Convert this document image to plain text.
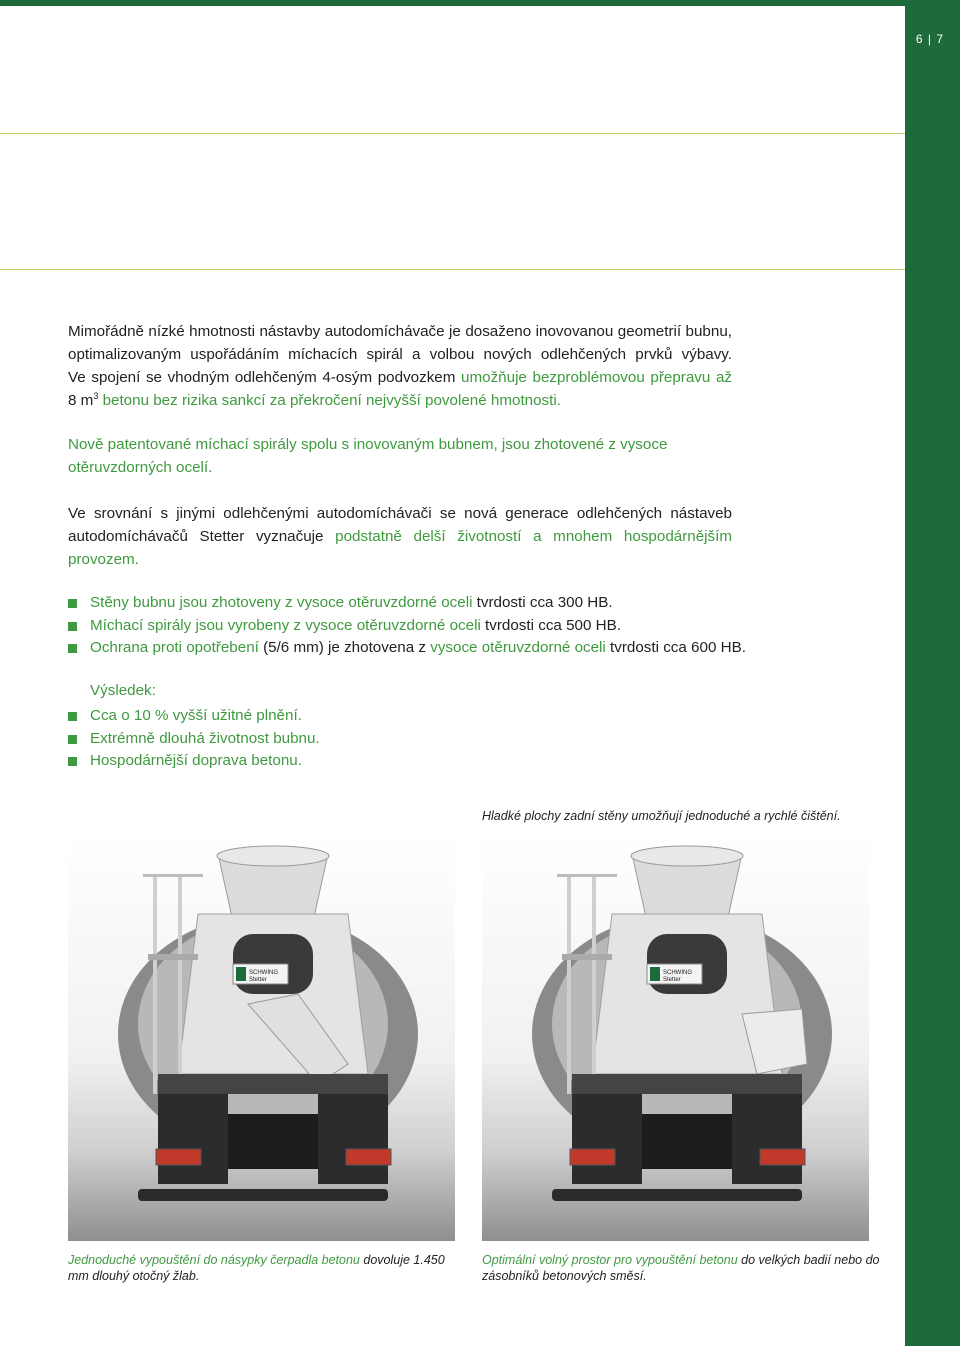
6 | 7
Mimořádně nízké hmotnosti nástavby autodomíchávače je dosaženo inovovanou geometrií bubnu,
optimalizovaným uspořádáním míchacích spirál a volbou nových odlehčených prvků výbavy.
Ve spojení se vhodným odlehčeným 4-osým podvozkem umožňuje bezproblémovou přepravu až
8 $m^3$ betonu bez rizika sankcí za překročení nejvyšší povolené hmotnosti.
Nově patentované míchací spirály spolu s inovovaným bubnem, jsou zhotovené z vysoce
otěruvzdorných ocelí.
Ve srovnání s jinými odlehčenými autodomíchávači se nová generace odlehčených nástaveb
autodomíchávačů Stetter vyznačuje podstatně delší životností a mnohem hospodárnějším provozem.
Stěny bubnu jsou zhotoveny z vysoce otěruvzdorné oceli tvrdosti cca 300 HB.
Míchací spirály jsou vyrobeny z vysoce otěruvzdorné oceli tvrdosti cca 500 HB.
Ochrana proti opotřebení (5/6 mm) je zhotovena z vysoce otěruvzdorné oceli tvrdosti cca 600 HB.
Výsledek:
Cca o 10 % vyšší užitné plnění.
Extrémně dlouhá životnost bubnu.
Hospodárnější doprava betonu.
Hladké plochy zadní stěny umožňují jednoduché a rychlé čištění.
SCHWING
Stetter
SCHWING
Stetter
Jednoduché vypouštění do násypky čerpadla betonu dovoluje 1.450 mm dlouhý otočný žlab.
Optimální volný prostor pro vypouštění betonu do velkých badií nebo do zásobníků betonových směsí.
